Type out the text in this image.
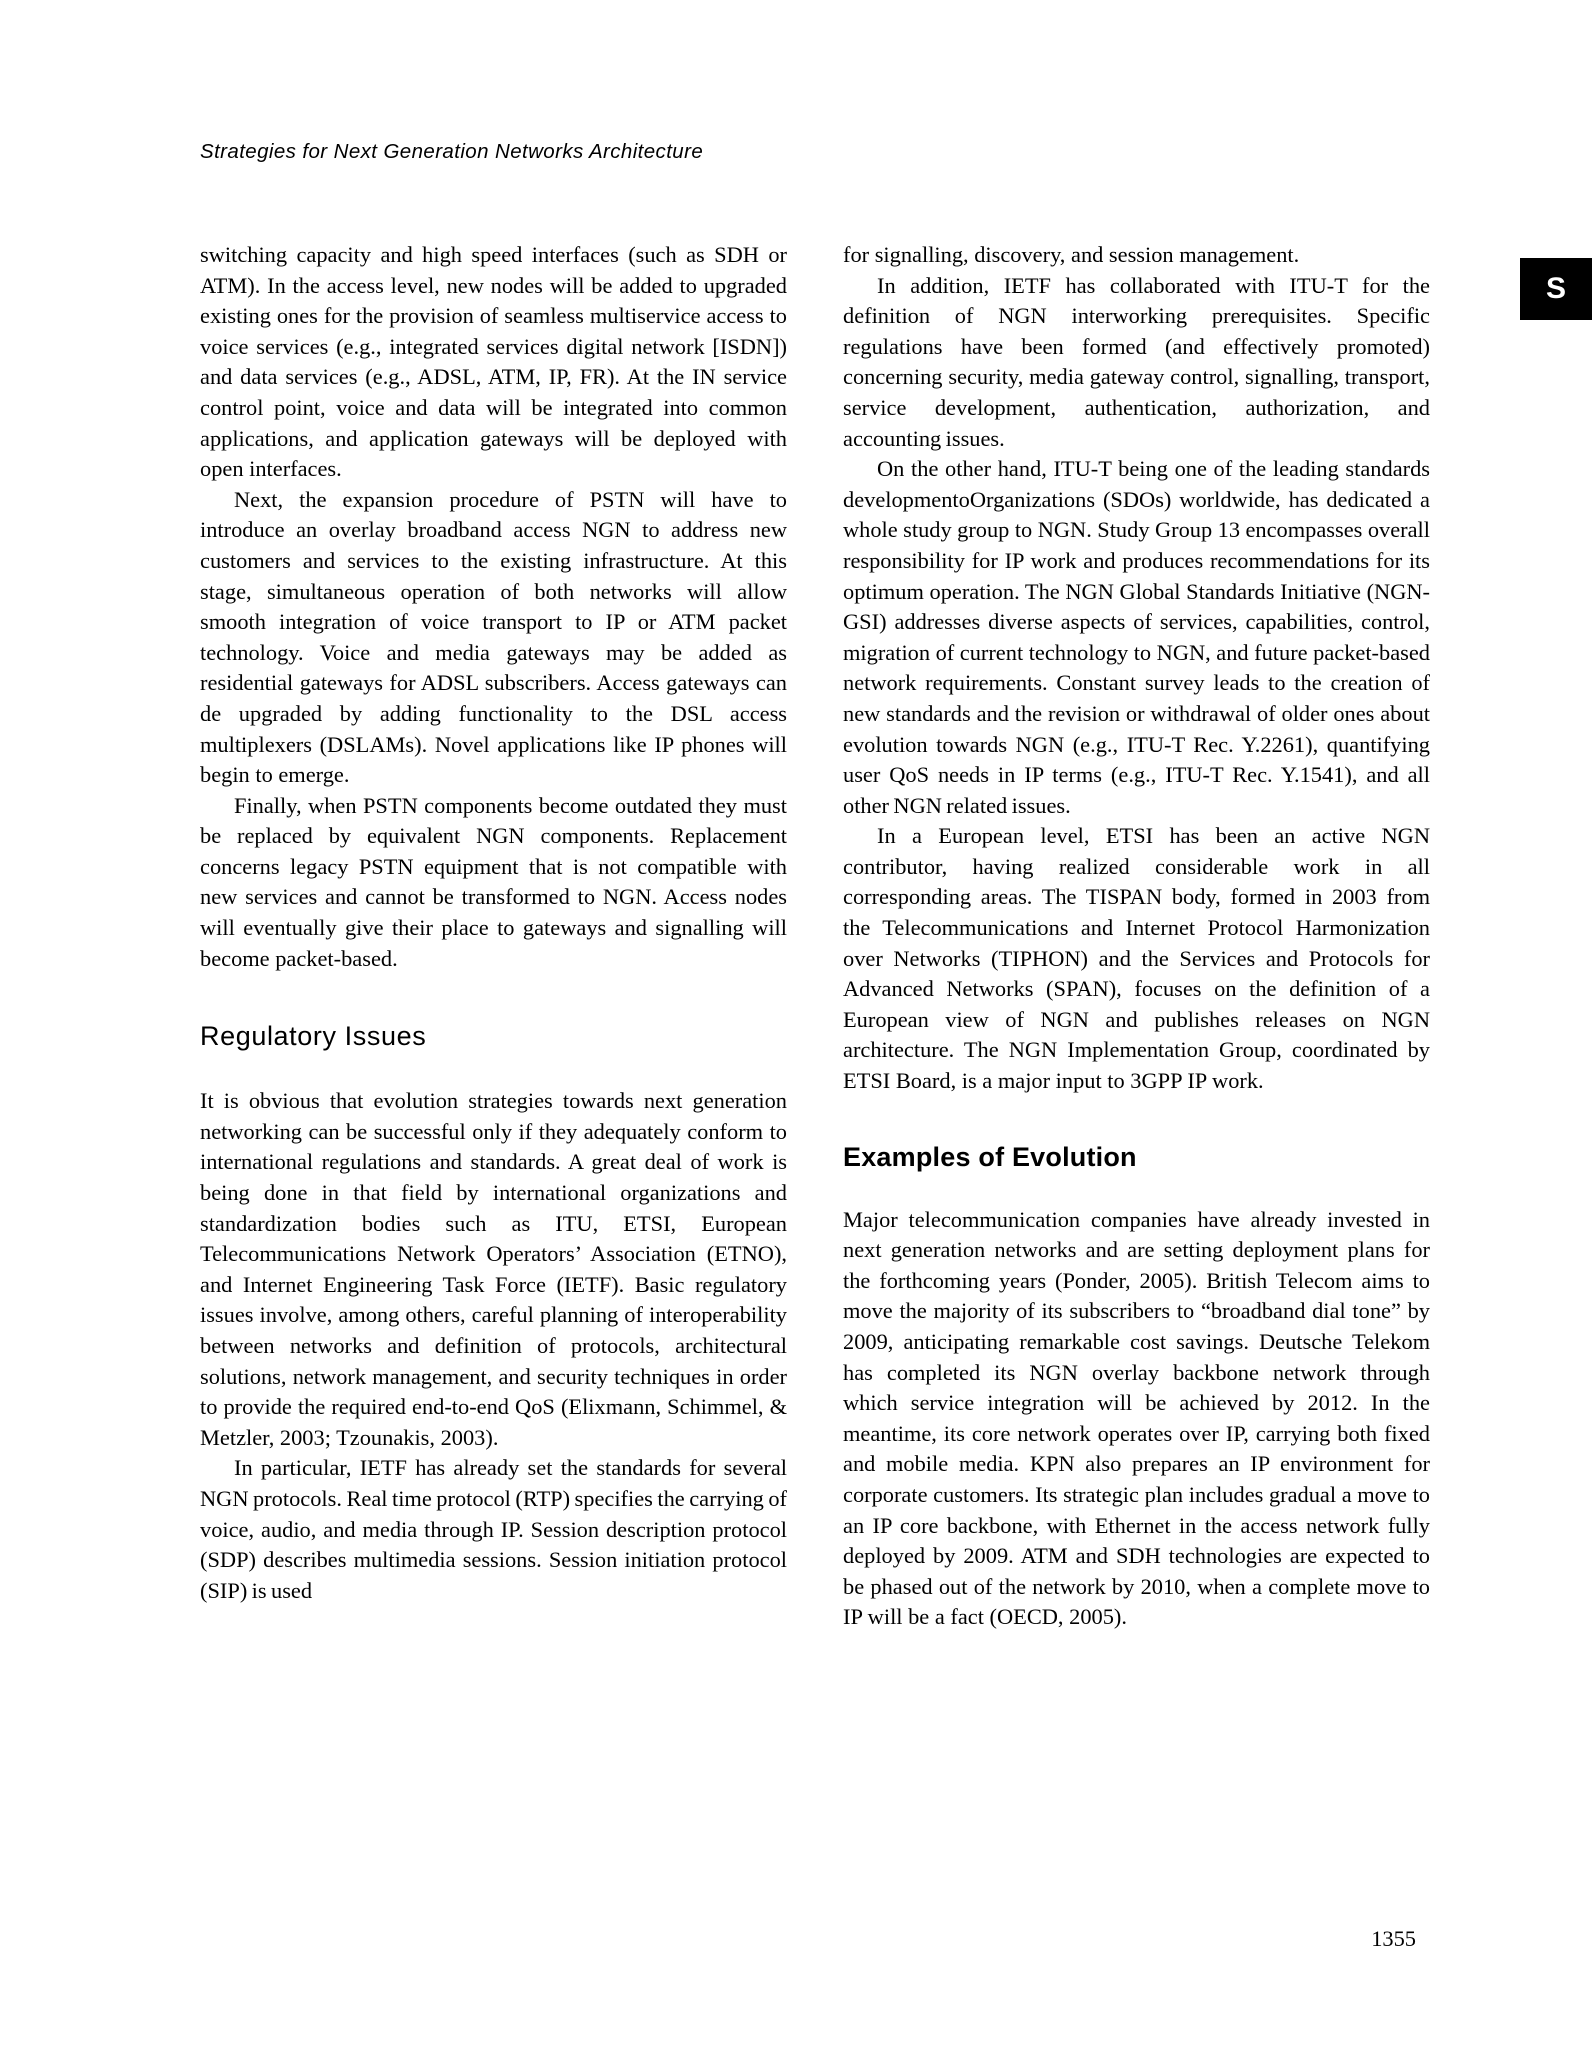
Strategies for Next Generation Networks Architecture
S

switching capacity and high speed interfaces (such as SDH or ATM). In the access level, new nodes will be added to upgraded existing ones for the provision of seamless multiservice access to voice services (e.g., integrated services digital network [ISDN]) and data services (e.g., ADSL, ATM, IP, FR). At the IN service control point, voice and data will be integrated into common applications, and application gateways will be deployed with open interfaces.

Next, the expansion procedure of PSTN will have to introduce an overlay broadband access NGN to address new customers and services to the existing infrastructure. At this stage, simultaneous operation of both networks will allow smooth integration of voice transport to IP or ATM packet technology. Voice and media gateways may be added as residential gateways for ADSL subscribers. Access gateways can de upgraded by adding functionality to the DSL access multiplexers (DSLAMs). Novel applications like IP phones will begin to emerge.

Finally, when PSTN components become outdated they must be replaced by equivalent NGN components. Replacement concerns legacy PSTN equipment that is not compatible with new services and cannot be transformed to NGN. Access nodes will eventually give their place to gateways and signalling will become packet-based.

Regulatory Issues

It is obvious that evolution strategies towards next generation networking can be successful only if they adequately conform to international regulations and standards. A great deal of work is being done in that field by international organizations and standardization bodies such as ITU, ETSI, European Telecommunications Network Operators’ Association (ETNO), and Internet Engineering Task Force (IETF). Basic regulatory issues involve, among others, careful planning of interoperability between networks and definition of protocols, architectural solutions, network management, and security techniques in order to provide the required end-to-end QoS (Elixmann, Schimmel, & Metzler, 2003; Tzounakis, 2003).

In particular, IETF has already set the standards for several NGN protocols. Real time protocol (RTP) specifies the carrying of voice, audio, and media through IP. Session description protocol (SDP) describes multimedia sessions. Session initiation protocol (SIP) is used

for signalling, discovery, and session management.

In addition, IETF has collaborated with ITU-T for the definition of NGN interworking prerequisites. Specific regulations have been formed (and effectively promoted) concerning security, media gateway control, signalling, transport, service development, authentication, authorization, and accounting issues.

On the other hand, ITU-T being one of the leading standards developmentoOrganizations (SDOs) worldwide, has dedicated a whole study group to NGN. Study Group 13 encompasses overall responsibility for IP work and produces recommendations for its optimum operation. The NGN Global Standards Initiative (NGN-GSI) addresses diverse aspects of services, capabilities, control, migration of current technology to NGN, and future packet-based network requirements. Constant survey leads to the creation of new standards and the revision or withdrawal of older ones about evolution towards NGN (e.g., ITU-T Rec. Y.2261), quantifying user QoS needs in IP terms (e.g., ITU-T Rec. Y.1541), and all other NGN related issues.

In a European level, ETSI has been an active NGN contributor, having realized considerable work in all corresponding areas. The TISPAN body, formed in 2003 from the Telecommunications and Internet Protocol Harmonization over Networks (TIPHON) and the Services and Protocols for Advanced Networks (SPAN), focuses on the definition of a European view of NGN and publishes releases on NGN architecture. The NGN Implementation Group, coordinated by ETSI Board, is a major input to 3GPP IP work.

Examples of Evolution

Major telecommunication companies have already invested in next generation networks and are setting deployment plans for the forthcoming years (Ponder, 2005). British Telecom aims to move the majority of its subscribers to “broadband dial tone” by 2009, anticipating remarkable cost savings. Deutsche Telekom has completed its NGN overlay backbone network through which service integration will be achieved by 2012. In the meantime, its core network operates over IP, carrying both fixed and mobile media. KPN also prepares an IP environment for corporate customers. Its strategic plan includes gradual a move to an IP core backbone, with Ethernet in the access network fully deployed by 2009. ATM and SDH technologies are expected to be phased out of the network by 2010, when a complete move to IP will be a fact (OECD, 2005).

1355
